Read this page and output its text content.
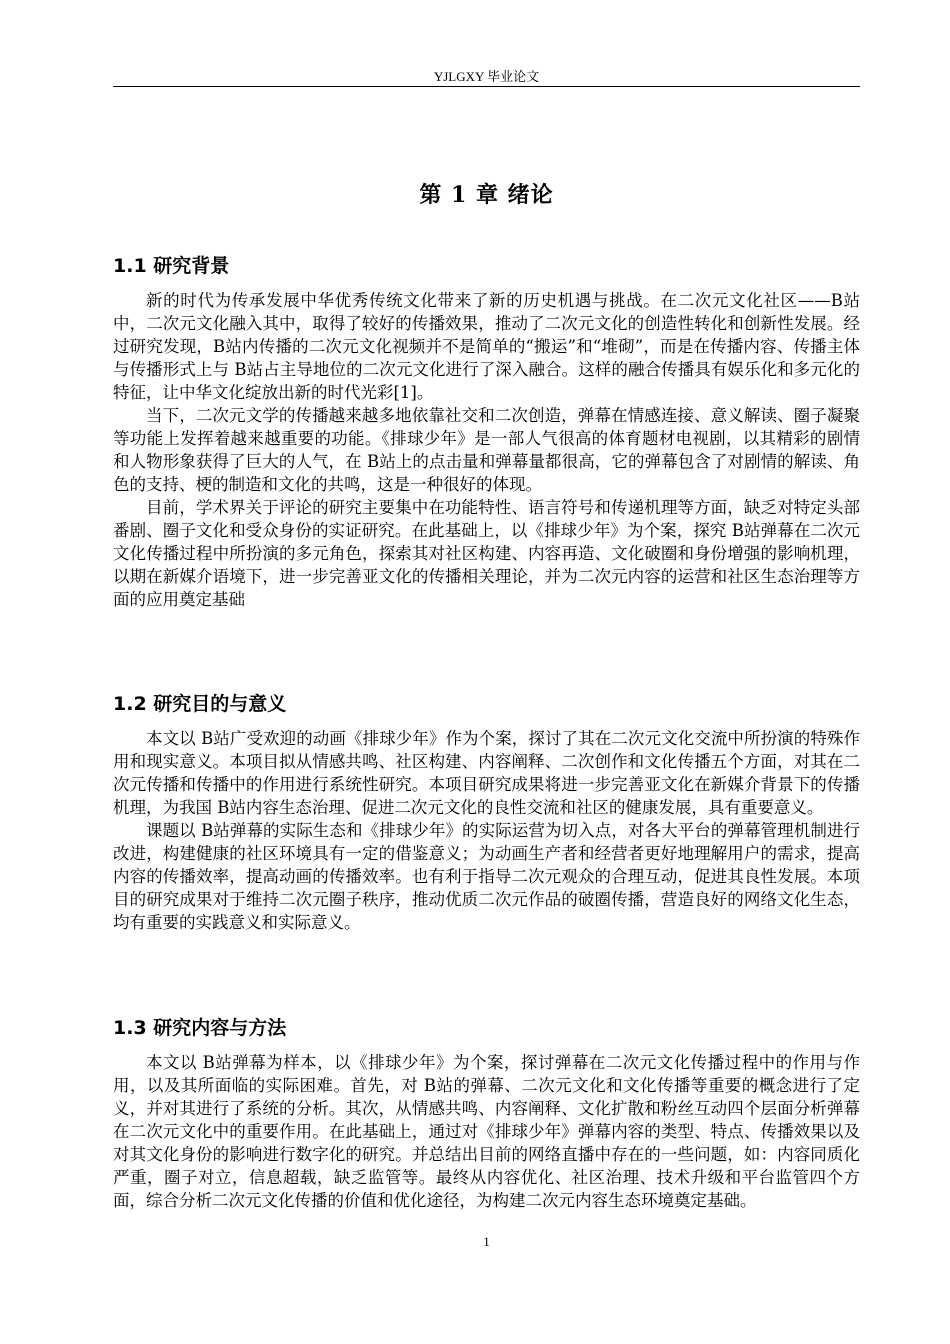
YJLGXY 毕业论文
第 1 章 绪论
1.1 研究背景

新的时代为传承发展中华优秀传统文化带来了新的历史机遇与挑战。在二次元文化社区——B站中，二次元文化融入其中，取得了较好的传播效果，推动了二次元文化的创造性转化和创新性发展。经过研究发现，B站内传播的二次元文化视频并不是简单的“搬运”和“堆砌”，而是在传播内容、传播主体与传播形式上与 B站占主导地位的二次元文化进行了深入融合。这样的融合传播具有娱乐化和多元化的特征，让中华文化绽放出新的时代光彩[1]。

当下，二次元文学的传播越来越多地依靠社交和二次创造，弹幕在情感连接、意义解读、圈子凝聚等功能上发挥着越来越重要的功能。《排球少年》是一部人气很高的体育题材电视剧，以其精彩的剧情和人物形象获得了巨大的人气，在 B站上的点击量和弹幕量都很高，它的弹幕包含了对剧情的解读、角色的支持、梗的制造和文化的共鸣，这是一种很好的体现。

目前，学术界关于评论的研究主要集中在功能特性、语言符号和传递机理等方面，缺乏对特定头部番剧、圈子文化和受众身份的实证研究。在此基础上，以《排球少年》为个案，探究 B站弹幕在二次元文化传播过程中所扮演的多元角色，探索其对社区构建、内容再造、文化破圈和身份增强的影响机理，以期在新媒介语境下，进一步完善亚文化的传播相关理论，并为二次元内容的运营和社区生态治理等方面的应用奠定基础

1.2 研究目的与意义

本文以 B站广受欢迎的动画《排球少年》作为个案，探讨了其在二次元文化交流中所扮演的特殊作用和现实意义。本项目拟从情感共鸣、社区构建、内容阐释、二次创作和文化传播五个方面，对其在二次元传播和传播中的作用进行系统性研究。本项目研究成果将进一步完善亚文化在新媒介背景下的传播机理，为我国 B站内容生态治理、促进二次元文化的良性交流和社区的健康发展，具有重要意义。

课题以 B站弹幕的实际生态和《排球少年》的实际运营为切入点，对各大平台的弹幕管理机制进行改进，构建健康的社区环境具有一定的借鉴意义；为动画生产者和经营者更好地理解用户的需求，提高内容的传播效率，提高动画的传播效率。也有利于指导二次元观众的合理互动，促进其良性发展。本项目的研究成果对于维持二次元圈子秩序，推动优质二次元作品的破圈传播，营造良好的网络文化生态，均有重要的实践意义和实际意义。

1.3 研究内容与方法

本文以 B站弹幕为样本，以《排球少年》为个案，探讨弹幕在二次元文化传播过程中的作用与作用，以及其所面临的实际困难。首先，对 B站的弹幕、二次元文化和文化传播等重要的概念进行了定义，并对其进行了系统的分析。其次，从情感共鸣、内容阐释、文化扩散和粉丝互动四个层面分析弹幕在二次元文化中的重要作用。在此基础上，通过对《排球少年》弹幕内容的类型、特点、传播效果以及对其文化身份的影响进行数字化的研究。并总结出目前的网络直播中存在的一些问题，如：内容同质化严重，圈子对立，信息超载，缺乏监管等。最终从内容优化、社区治理、技术升级和平台监管四个方面，综合分析二次元文化传播的价值和优化途径，为构建二次元内容生态环境奠定基础。

1
